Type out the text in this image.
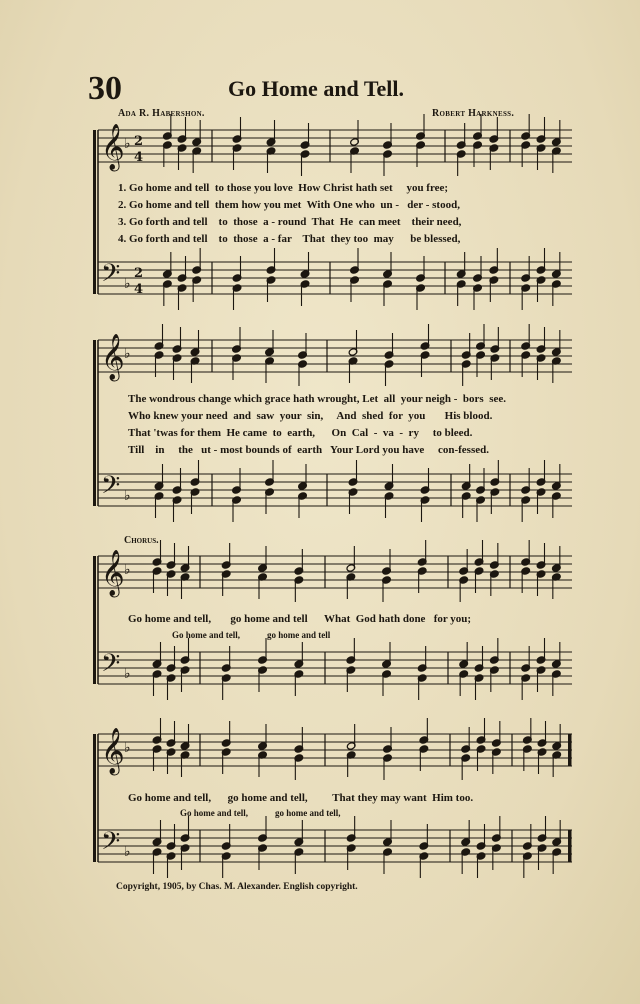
30	Go Home and Tell.
Ada R. Habershon.	Robert Harkness.
𝄞
𝄢
♭
♭
2
4
2
4
𝄞
𝄢
♭
♭
𝄞
𝄢
♭
♭
𝄞
𝄢
♭
♭
1. Go home and tell  to those you love  How Christ hath set     you free;
2. Go home and tell  them how you met  With One who  un -   der - stood,
3. Go forth and tell    to  those  a - round  That  He  can meet    their need,
4. Go forth and tell    to  those  a - far    That  they too  may      be blessed,
The wondrous change which grace hath wrought, Let  all  your neigh -  bors  see.
Who knew your need  and  saw  your  sin,     And  shed  for  you       His blood.
That 'twas for them  He came  to  earth,      On  Cal  -  va  -  ry     to bleed.
Till    in     the   ut - most bounds of  earth   Your Lord you have     con-fessed.
Chorus.
Go home and tell,       go home and tell      What  God hath done   for you;
Go home and tell,            go home and tell
Go home and tell,      go home and tell,         That they may want  Him too.
Go home and tell,            go home and tell,
Copyright, 1905, by Chas. M. Alexander. English copyright.
